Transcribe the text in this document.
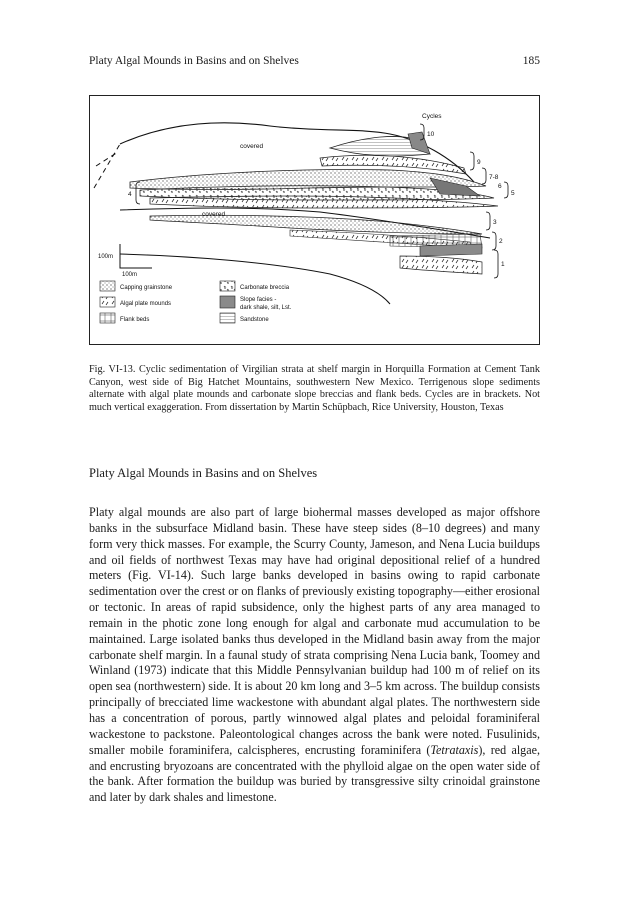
Platy Algal Mounds in Basins and on Shelves	185
Cycles
covered
covered
10
9
7-8
6
5
4
3
2
1
100m
100m
Capping grainstone
Algal plate mounds
Flank beds
Carbonate breccia
Slope facies -
dark shale, silt, Lst.
Sandstone
Fig. VI-13. Cyclic sedimentation of Virgilian strata at shelf margin in Horquilla Formation at Cement Tank Canyon, west side of Big Hatchet Mountains, southwestern New Mexico. Terrigenous slope sediments alternate with algal plate mounds and carbonate slope breccias and flank beds. Cycles are in brackets. Not much vertical exaggeration. From dissertation by Martin Schüpbach, Rice University, Houston, Texas
Platy Algal Mounds in Basins and on Shelves

Platy algal mounds are also part of large biohermal masses developed as major offshore banks in the subsurface Midland basin. These have steep sides (8–10 degrees) and many form very thick masses. For example, the Scurry County, Jameson, and Nena Lucia buildups and oil fields of northwest Texas may have had original depositional relief of a hundred meters (Fig. VI-14). Such large banks developed in basins owing to rapid carbonate sedimentation over the crest or on flanks of previously existing topography—either erosional or tectonic. In areas of rapid subsidence, only the highest parts of any area managed to remain in the photic zone long enough for algal and carbonate mud accumulation to be maintained. Large isolated banks thus developed in the Midland basin away from the major carbonate shelf margin. In a faunal study of strata comprising Nena Lucia bank, Toomey and Winland (1973) indicate that this Middle Pennsylvanian buildup had 100 m of relief on its open sea (northwestern) side. It is about 20 km long and 3–5 km across. The buildup consists principally of brecciated lime wackestone with abundant algal plates. The northwestern side has a concentration of porous, partly winnowed algal plates and peloidal foraminiferal wackestone to packstone. Paleontological changes across the bank were noted. Fusulinids, smaller mobile foraminifera, calcispheres, encrusting foraminifera (Tetrataxis), red algae, and encrusting bryozoans are concentrated with the phylloid algae on the open water side of the bank. After formation the buildup was buried by transgressive silty crinoidal grainstone and later by dark shales and limestone.
